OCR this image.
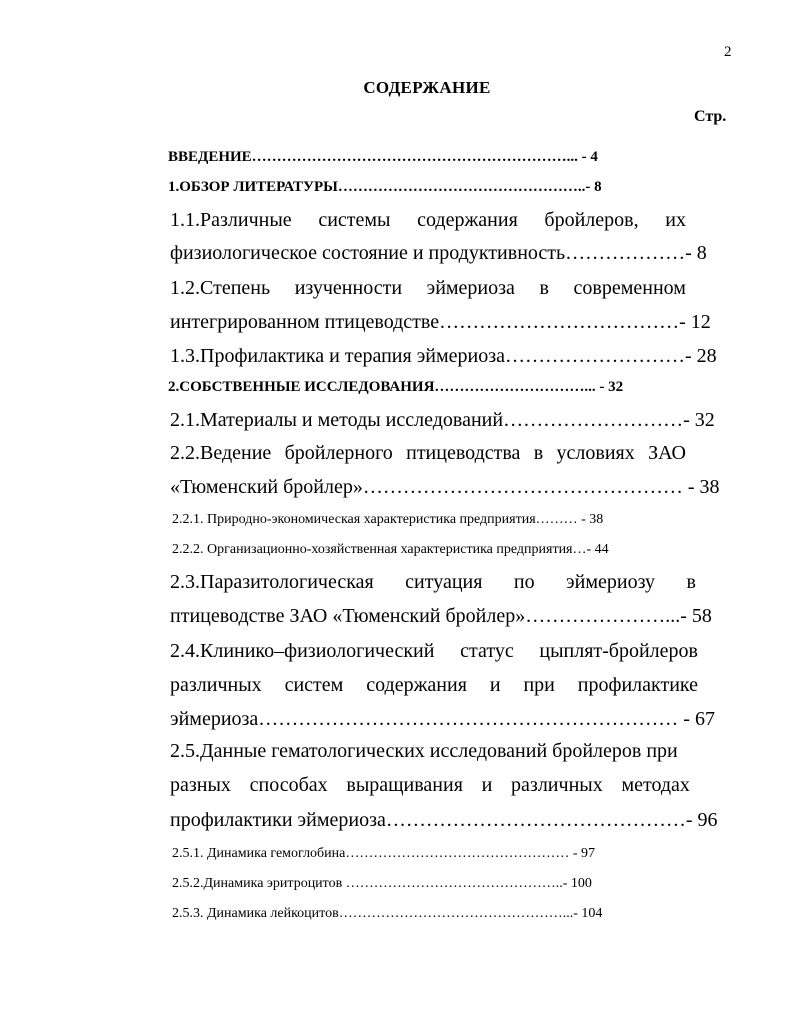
2
СОДЕРЖАНИЕ
Стр.
ВВЕДЕНИЕ………………………………………………………... - 4
1.ОБЗОР ЛИТЕРАТУРЫ…………………………………………..- 8
1.1.Различные системы содержания бройлеров, их
физиологическое состояние и продуктивность………………- 8
1.2.Степень изученности эймериоза в современном
интегрированном птицеводстве………………………………- 12
1.3.Профилактика и терапия эймериоза………………………- 28
2.СОБСТВЕННЫЕ ИССЛЕДОВАНИЯ…………………………... - 32
2.1.Материалы и методы исследований………………………- 32
2.2.Ведение бройлерного птицеводства в условиях ЗАО
«Тюменский бройлер»………………………………………… - 38
2.2.1. Природно-экономическая характеристика предприятия……… - 38
2.2.2. Организационно-хозяйственная характеристика предприятия…- 44
2.3.Паразитологическая ситуация по эймериозу в
птицеводстве ЗАО «Тюменский бройлер»…………………...- 58
2.4.Клинико–физиологический статус цыплят-бройлеров
различных систем содержания и при профилактике
эймериоза……………………………………………………… - 67
2.5.Данные гематологических исследований бройлеров при
разных способах выращивания и различных методах
профилактики эймериоза………………………………………- 96
2.5.1. Динамика гемоглобина………………………………………… - 97
2.5.2.Динамика эритроцитов ………………………………………..- 100
2.5.3. Динамика лейкоцитов…………………………………………...- 104
